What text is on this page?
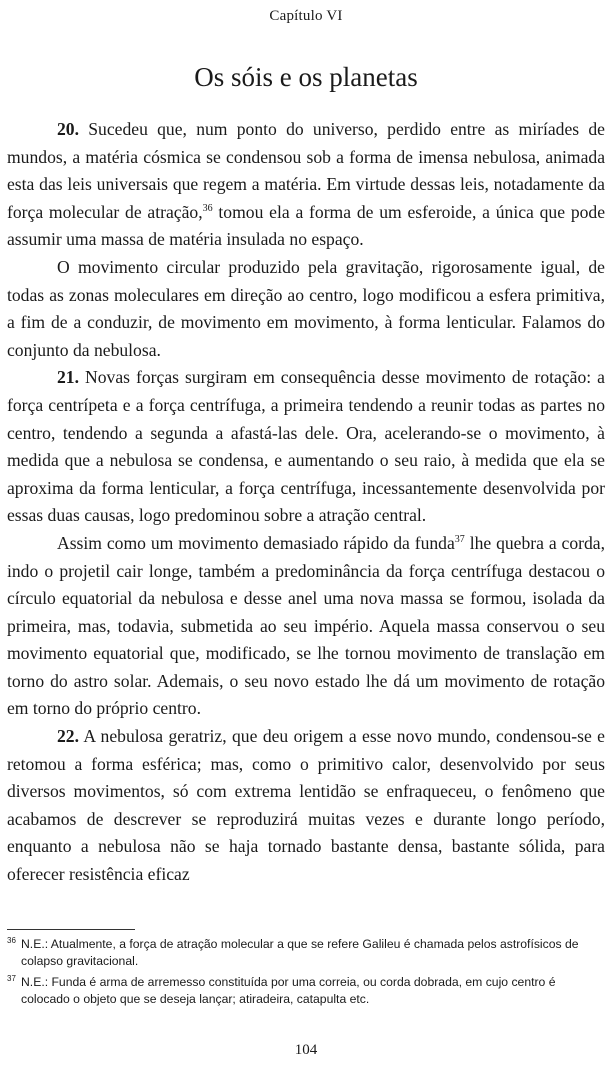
Capítulo VI
Os sóis e os planetas

20. Sucedeu que, num ponto do universo, perdido entre as miríades de mundos, a matéria cósmica se condensou sob a forma de imensa nebulosa, animada esta das leis universais que regem a matéria. Em virtude dessas leis, notadamente da força molecular de atração,$^{36}$ tomou ela a forma de um esferoide, a única que pode assumir uma massa de matéria insulada no espaço.

O movimento circular produzido pela gravitação, rigorosamente igual, de todas as zonas moleculares em direção ao centro, logo modificou a esfera primitiva, a fim de a conduzir, de movimento em movimento, à forma lenticular. Falamos do conjunto da nebulosa.

21. Novas forças surgiram em consequência desse movimento de rotação: a força centrípeta e a força centrífuga, a primeira tendendo a reunir todas as partes no centro, tendendo a segunda a afastá-las dele. Ora, acelerando-se o movimento, à medida que a nebulosa se condensa, e aumentando o seu raio, à medida que ela se aproxima da forma lenticular, a força centrífuga, incessantemente desenvolvida por essas duas causas, logo predominou sobre a atração central.

Assim como um movimento demasiado rápido da funda$^{37}$ lhe quebra a corda, indo o projetil cair longe, também a predominância da força centrífuga destacou o círculo equatorial da nebulosa e desse anel uma nova massa se formou, isolada da primeira, mas, todavia, submetida ao seu império. Aquela massa conservou o seu movimento equatorial que, modificado, se lhe tornou movimento de translação em torno do astro solar. Ademais, o seu novo estado lhe dá um movimento de rotação em torno do próprio centro.

22. A nebulosa geratriz, que deu origem a esse novo mundo, condensou-se e retomou a forma esférica; mas, como o primitivo calor, desenvolvido por seus diversos movimentos, só com extrema lentidão se enfraqueceu, o fenômeno que acabamos de descrever se reproduzirá muitas vezes e durante longo período, enquanto a nebulosa não se haja tornado bastante densa, bastante sólida, para oferecer resistência eficaz

36 N.E.: Atualmente, a força de atração molecular a que se refere Galileu é chamada pelos astrofísicos de colapso gravitacional.

37 N.E.: Funda é arma de arremesso constituída por uma correia, ou corda dobrada, em cujo centro é colocado o objeto que se deseja lançar; atiradeira, catapulta etc.

104
